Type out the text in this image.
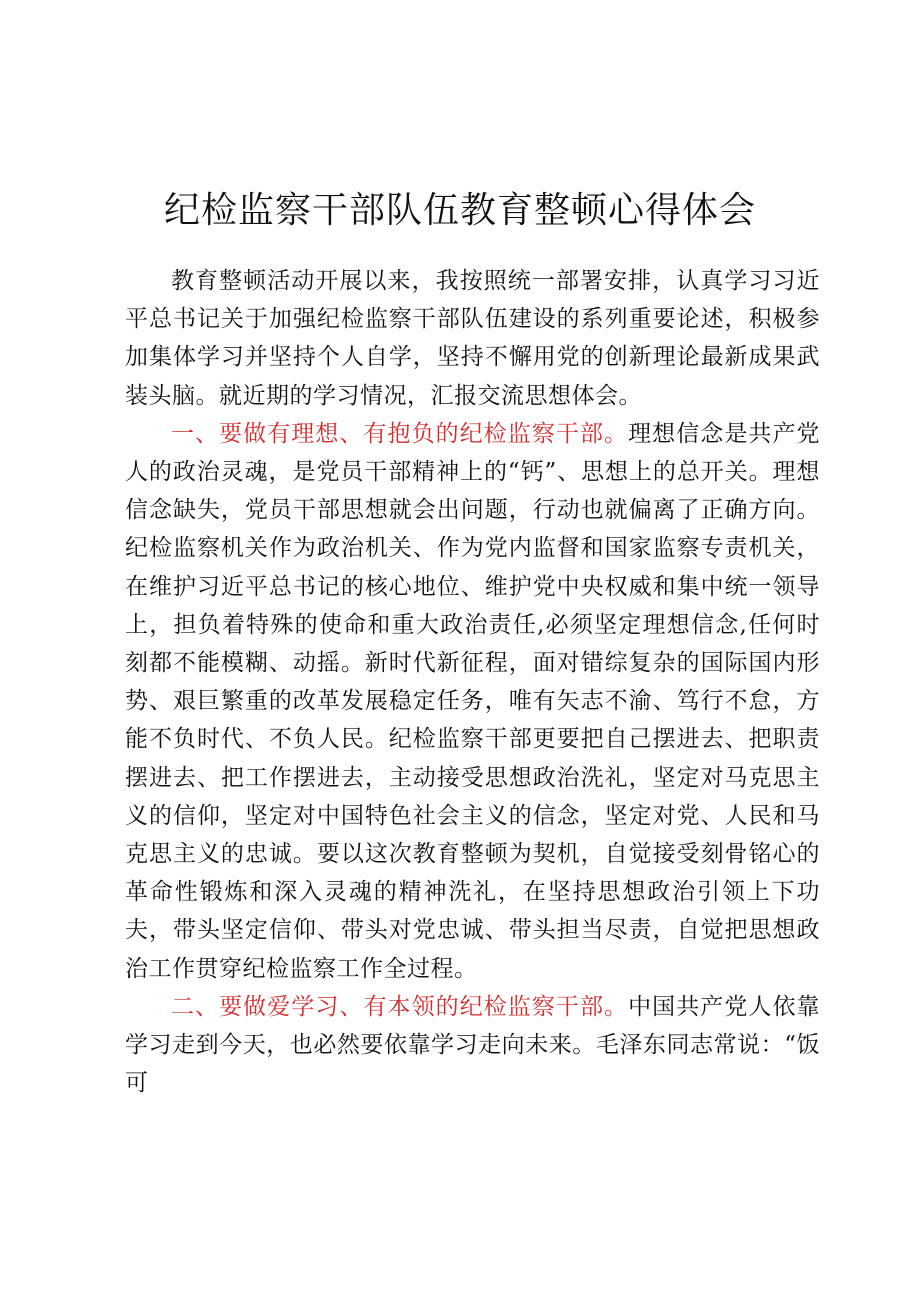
纪检监察干部队伍教育整顿心得体会

教育整顿活动开展以来，我按照统一部署安排，认真学习习近平总书记关于加强纪检监察干部队伍建设的系列重要论述，积极参加集体学习并坚持个人自学，坚持不懈用党的创新理论最新成果武装头脑。就近期的学习情况，汇报交流思想体会。

一、要做有理想、有抱负的纪检监察干部。理想信念是共产党人的政治灵魂，是党员干部精神上的“钙”、思想上的总开关。理想信念缺失，党员干部思想就会出问题，行动也就偏离了正确方向。纪检监察机关作为政治机关、作为党内监督和国家监察专责机关，在维护习近平总书记的核心地位、维护党中央权威和集中统一领导上，担负着特殊的使命和重大政治责任,必须坚定理想信念,任何时刻都不能模糊、动摇。新时代新征程，面对错综复杂的国际国内形势、艰巨繁重的改革发展稳定任务，唯有矢志不渝、笃行不怠，方能不负时代、不负人民。纪检监察干部更要把自己摆进去、把职责摆进去、把工作摆进去，主动接受思想政治洗礼，坚定对马克思主义的信仰，坚定对中国特色社会主义的信念，坚定对党、人民和马克思主义的忠诚。要以这次教育整顿为契机，自觉接受刻骨铭心的革命性锻炼和深入灵魂的精神洗礼，在坚持思想政治引领上下功夫，带头坚定信仰、带头对党忠诚、带头担当尽责，自觉把思想政治工作贯穿纪检监察工作全过程。

二、要做爱学习、有本领的纪检监察干部。中国共产党人依靠学习走到今天，也必然要依靠学习走向未来。毛泽东同志常说：“饭可
